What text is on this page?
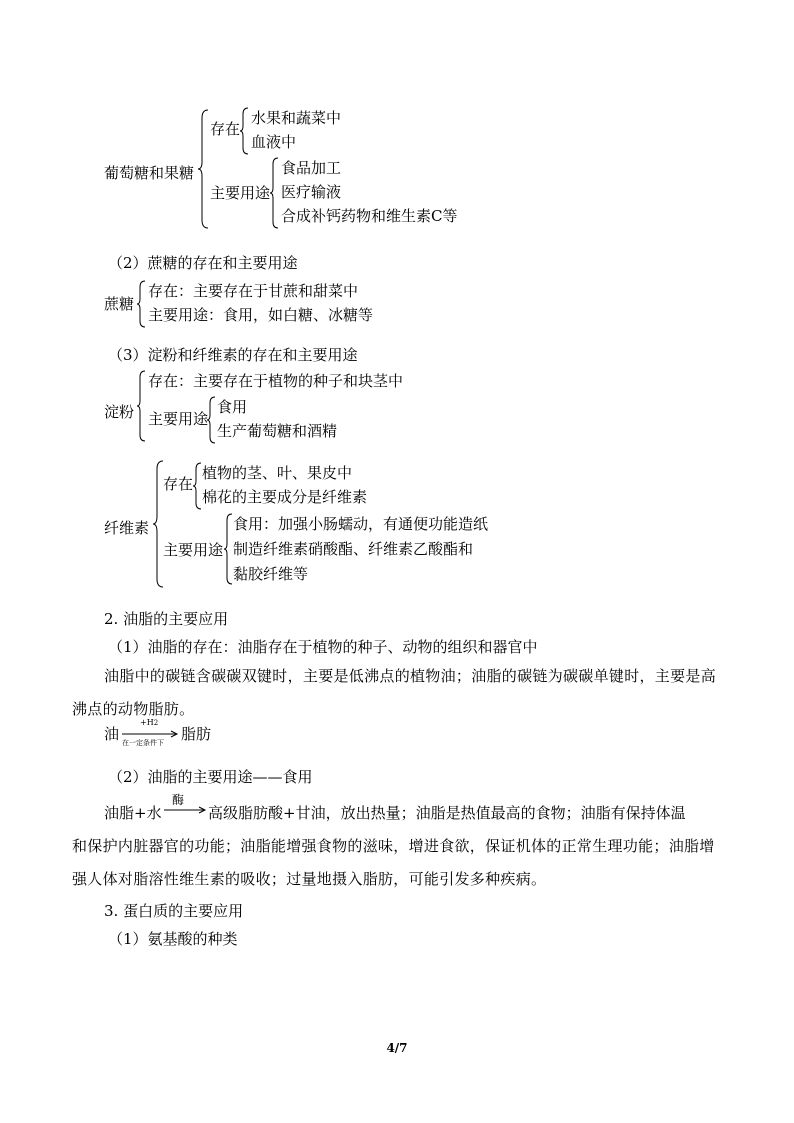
葡萄糖和果糖
存在
水果和蔬菜中
血液中
主要用途
食品加工
医疗输液
合成补钙药物和维生素C等
（2）蔗糖的存在和主要用途
蔗糖
存在：主要存在于甘蔗和甜菜中
主要用途：食用，如白糖、冰糖等
（3）淀粉和纤维素的存在和主要用途
淀粉
存在：主要存在于植物的种子和块茎中
主要用途
食用
生产葡萄糖和酒精
纤维素
存在
植物的茎、叶、果皮中
棉花的主要成分是纤维素
主要用途
食用：加强小肠蠕动，有通便功能造纸
制造纤维素硝酸酯、纤维素乙酸酯和
黏胶纤维等
2. 油脂的主要应用
（1）油脂的存在：油脂存在于植物的种子、动物的组织和器官中
油脂中的碳链含碳碳双键时，主要是低沸点的植物油；油脂的碳链为碳碳单键时，主要是高沸点的动物脂肪。
油
+H2
在一定条件下 脂肪
（2）油脂的主要用途——食用
油脂+水
酶
高级脂肪酸+甘油，放出热量；油脂是热值最高的食物；油脂有保持体温
和保护内脏器官的功能；油脂能增强食物的滋味，增进食欲，保证机体的正常生理功能；油脂增强人体对脂溶性维生素的吸收；过量地摄入脂肪，可能引发多种疾病。
3. 蛋白质的主要应用
（1）氨基酸的种类
4/7
